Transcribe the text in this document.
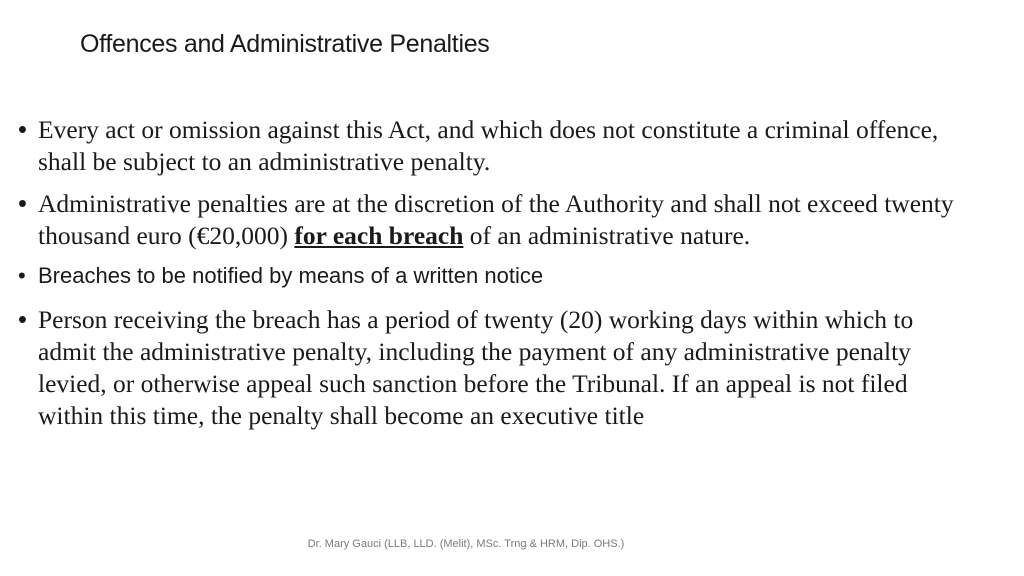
Offences and Administrative Penalties
• Every act or omission against this Act, and which does not constitute a criminal offence, shall be subject to an administrative penalty.
• Administrative penalties are at the discretion of the Authority and shall not exceed twenty thousand euro (€20,000) for each breach of an administrative nature.
• Breaches to be notified by means of a written notice
• Person receiving the breach has a period of twenty (20) working days within which to admit the administrative penalty, including the payment of any administrative penalty levied, or otherwise appeal such sanction before the Tribunal. If an appeal is not filed within this time, the penalty shall become an executive title
Dr. Mary Gauci (LLB, LLD. (Melit), MSc. Trng & HRM, Dip. OHS.)
